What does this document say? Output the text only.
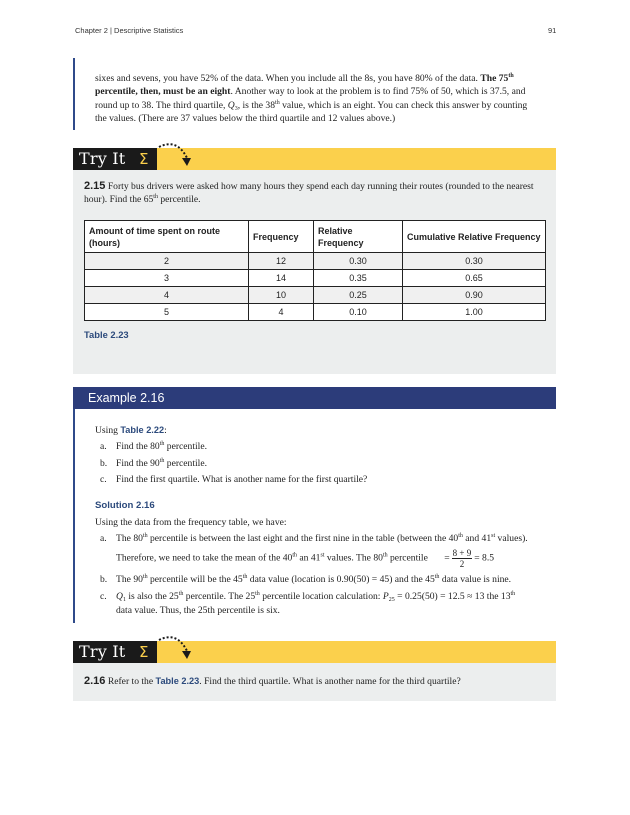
Chapter 2 | Descriptive Statistics	91
sixes and sevens, you have 52% of the data. When you include all the 8s, you have 80% of the data. The 75th
percentile, then, must be an eight. Another way to look at the problem is to find 75% of 50, which is 37.5, and
round up to 38. The third quartile, $Q_3$, is the 38th value, which is an eight. You can check this answer by counting
the values. (There are 37 values below the third quartile and 12 values above.)
Try It Σ
2.15 Forty bus drivers were asked how many hours they spend each day running their routes (rounded to the nearest
hour). Find the 65th percentile.
Amount of time spent on route (hours)	Frequency	Relative Frequency	Cumulative Relative Frequency
2	12	0.30	0.30
3	14	0.35	0.65
4	10	0.25	0.90
5	4	0.10	1.00
Table 2.23
Example 2.16
Using Table 2.22:
a. Find the 80th percentile.
b. Find the 90th percentile.
c. Find the first quartile. What is another name for the first quartile?
Solution 2.16
Using the data from the frequency table, we have:
a. The 80th percentile is between the last eight and the first nine in the table (between the 40th and 41st values).
Therefore, we need to take the mean of the 40th an 41st values. The 80th percentile = $\frac{8 + 9}{2} = 8.5$
b. The 90th percentile will be the 45th data value (location is 0.90(50) = 45) and the 45th data value is nine.
c. $Q_1$ is also the 25th percentile. The 25th percentile location calculation: $P_{25} = 0.25(50) = 12.5 \approx 13$ the 13th
data value. Thus, the 25th percentile is six.
Try It Σ
2.16 Refer to the Table 2.23. Find the third quartile. What is another name for the third quartile?
